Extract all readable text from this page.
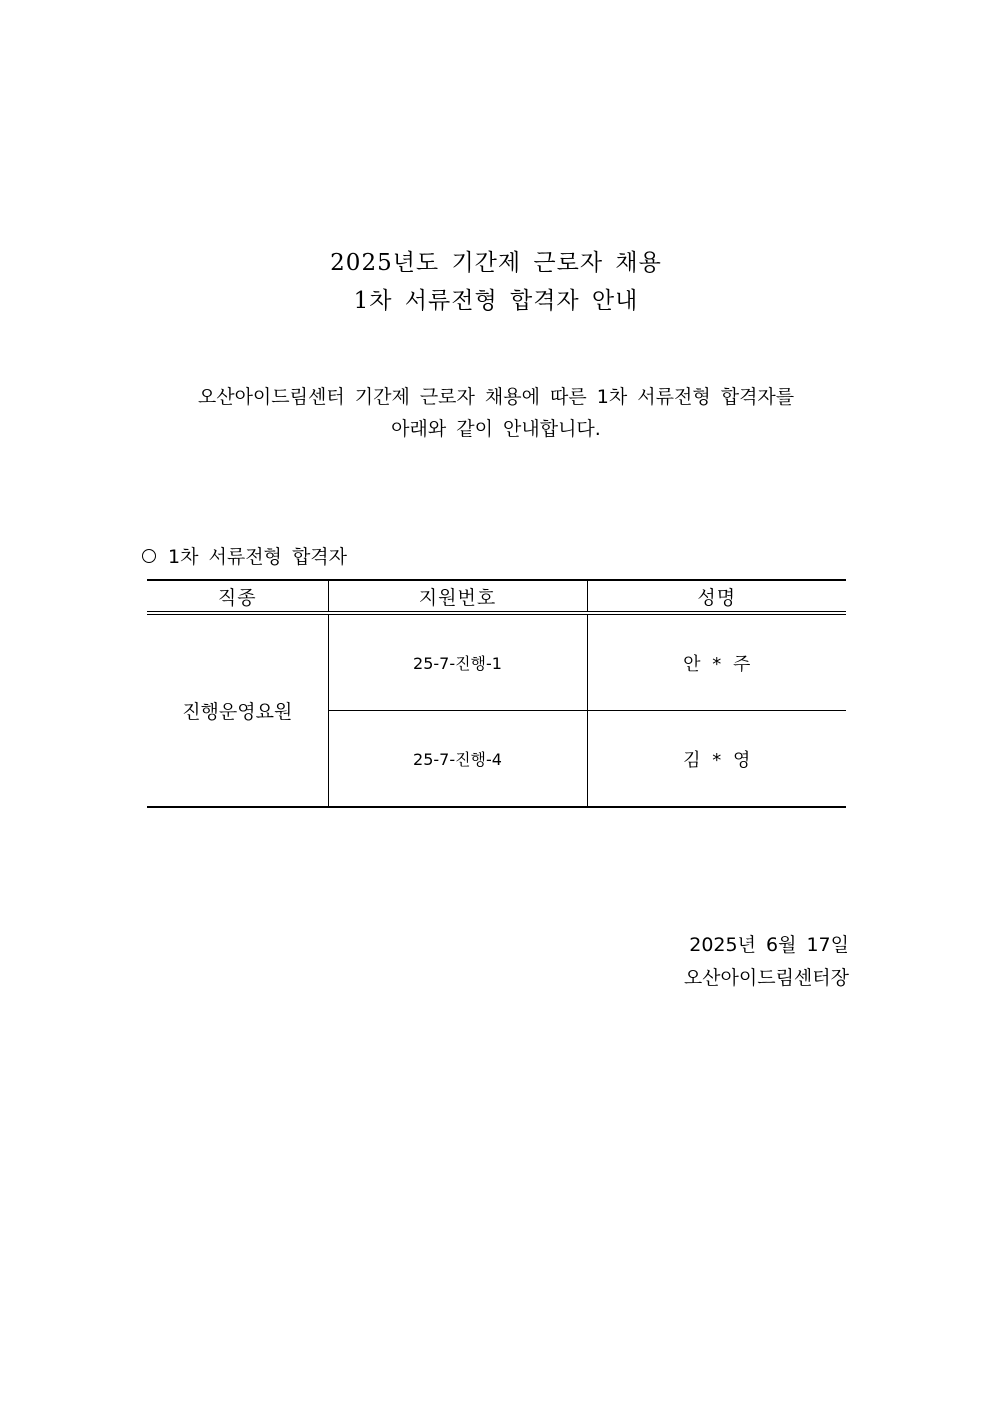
2025년도 기간제 근로자 채용
1차 서류전형 합격자 안내
오산아이드림센터 기간제 근로자 채용에 따른 1차 서류전형 합격자를
아래와 같이 안내합니다.
1차 서류전형 합격자
직종	지원번호	성명
진행운영요원	25-7-진행-1	안 * 주
	25-7-진행-4	김 * 영
2025년 6월 17일
오산아이드림센터장
